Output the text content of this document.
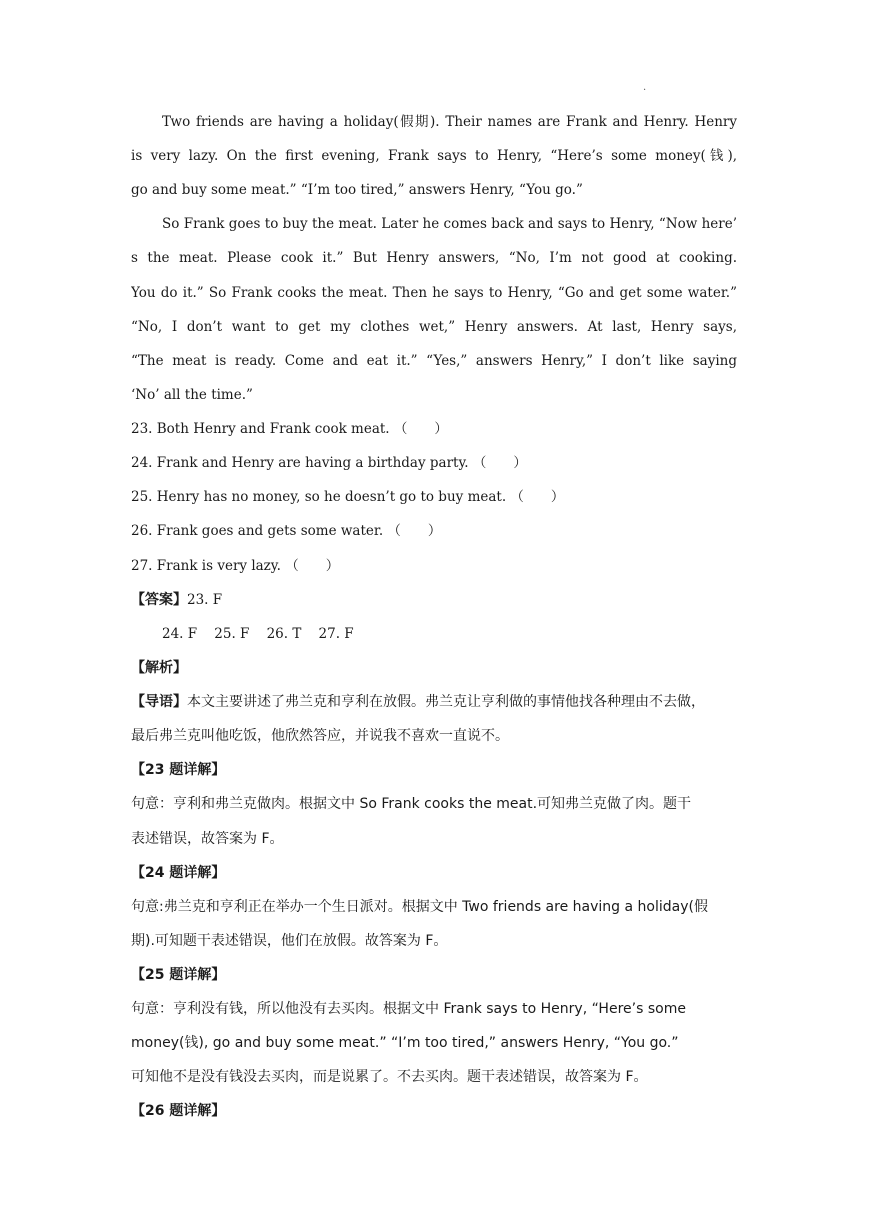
.
Two friends are having a holiday(假期). Their names are Frank and Henry. Henry
is very lazy. On the first evening, Frank says to Henry, “Here’s some money(钱),
go and buy some meat.” “I’m too tired,” answers Henry, “You go.”
So Frank goes to buy the meat. Later he comes back and says to Henry, “Now here’
s the meat. Please cook it.” But Henry answers, “No, I’m not good at cooking.
You do it.” So Frank cooks the meat. Then he says to Henry, “Go and get some water.”
“No, I don’t want to get my clothes wet,” Henry answers. At last, Henry says,
“The meat is ready. Come and eat it.” “Yes,” answers Henry,” I don’t like saying
‘No’ all the time.”
23. Both Henry and Frank cook meat. （　　）
24. Frank and Henry are having a birthday party. （　　）
25. Henry has no money, so he doesn’t go to buy meat. （　　）
26. Frank goes and gets some water. （　　）
27. Frank is very lazy. （　　）
【答案】23. F
24. F    25. F    26. T    27. F
【解析】
【导语】本文主要讲述了弗兰克和亨利在放假。弗兰克让亨利做的事情他找各种理由不去做，
最后弗兰克叫他吃饭，他欣然答应，并说我不喜欢一直说不。
【23 题详解】
句意：亨利和弗兰克做肉。根据文中 So Frank cooks the meat.可知弗兰克做了肉。题干
表述错误，故答案为 F。
【24 题详解】
句意:弗兰克和亨利正在举办一个生日派对。根据文中 Two friends are having a holiday(假
期).可知题干表述错误，他们在放假。故答案为 F。
【25 题详解】
句意：亨利没有钱，所以他没有去买肉。根据文中 Frank says to Henry, “Here’s some
money(钱), go and buy some meat.” “I’m too tired,” answers Henry, “You go.”
可知他不是没有钱没去买肉，而是说累了。不去买肉。题干表述错误，故答案为 F。
【26 题详解】
